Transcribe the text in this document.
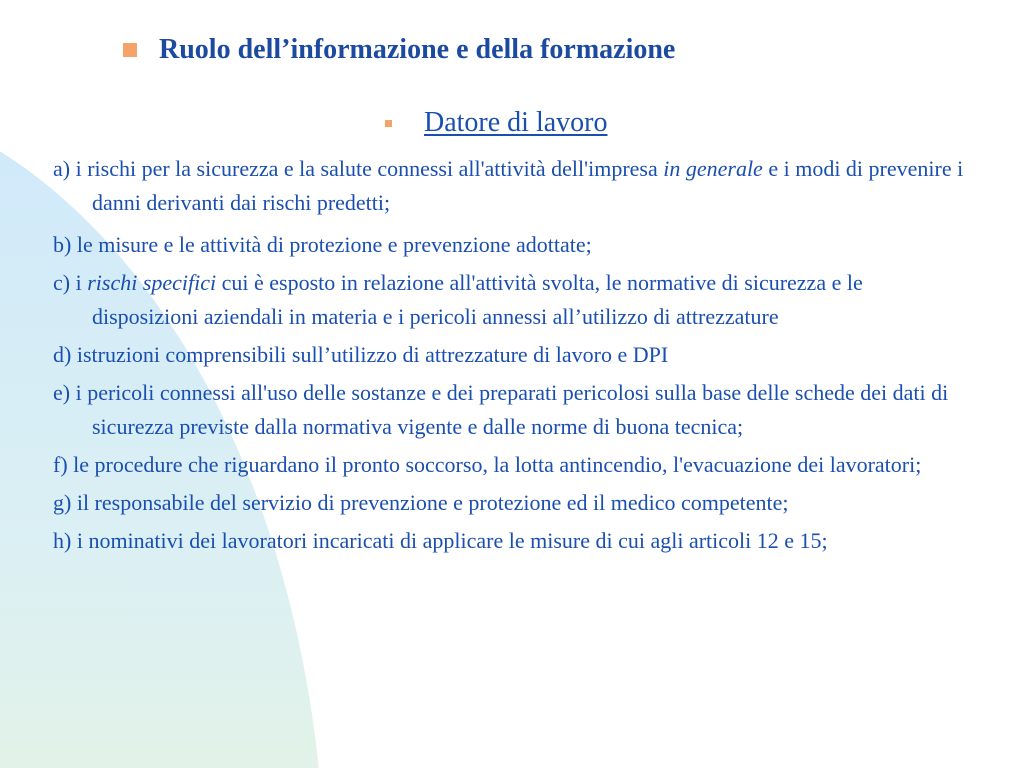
Ruolo dell’informazione e della formazione
Datore di lavoro

a) i rischi per la sicurezza e la salute connessi all'attività dell'impresa in generale e i modi di prevenire i danni derivanti dai rischi predetti;

b) le misure e le attività di protezione e prevenzione adottate;

c) i rischi specifici cui è esposto in relazione all'attività svolta, le normative di sicurezza e le disposizioni aziendali in materia e i pericoli annessi all’utilizzo di attrezzature

d) istruzioni comprensibili sull’utilizzo di attrezzature di lavoro e DPI

e) i pericoli connessi all'uso delle sostanze e dei preparati pericolosi sulla base delle schede dei dati di sicurezza previste dalla normativa vigente e dalle norme di buona tecnica;

f) le procedure che riguardano il pronto soccorso, la lotta antincendio, l'evacuazione dei lavoratori;

g) il responsabile del servizio di prevenzione e protezione ed il medico competente;

h) i nominativi dei lavoratori incaricati di applicare le misure di cui agli articoli 12 e 15;
